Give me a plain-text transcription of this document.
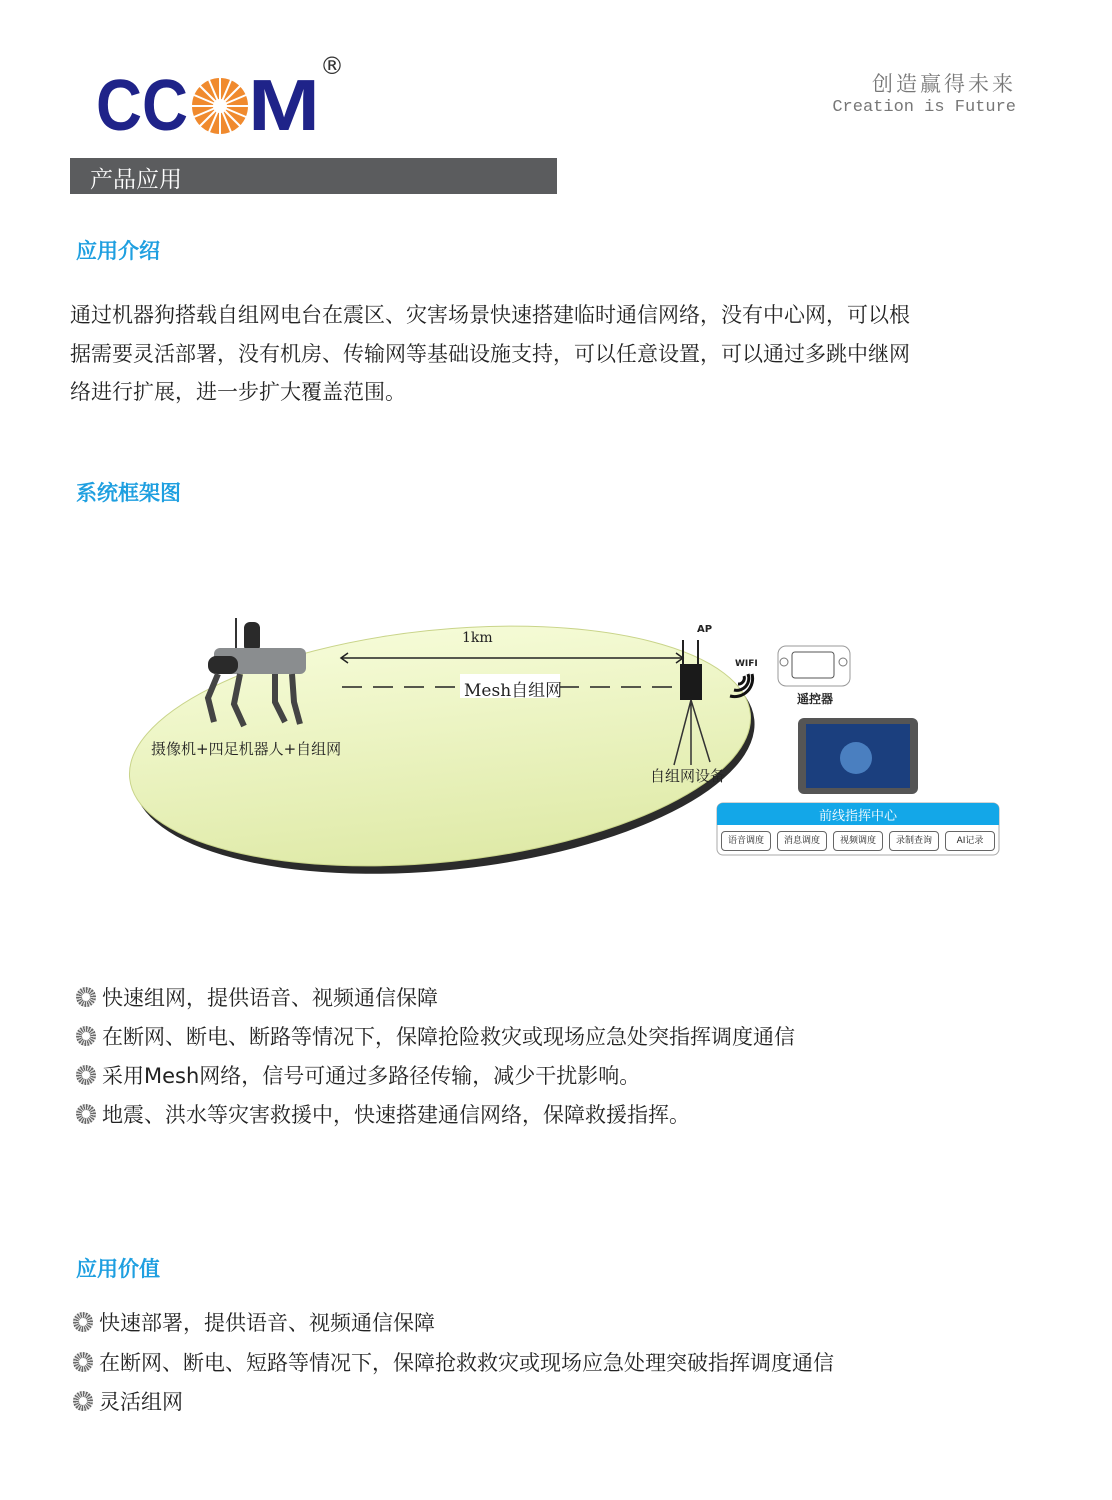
CC M ®
创造赢得未来
Creation is Future
产品应用
应用介绍
通过机器狗搭载自组网电台在震区、灾害场景快速搭建临时通信网络，没有中心网，可以根
据需要灵活部署，没有机房、传输网等基础设施支持，可以任意设置，可以通过多跳中继网
络进行扩展，进一步扩大覆盖范围。
系统框架图
1km
Mesh自组网
摄像机+四足机器人+自组网
自组网设备
AP
WIFI
遥控器
前线指挥中心
语音调度	消息调度	视频调度	录制查询	AI记录
快速组网，提供语音、视频通信保障
在断网、断电、断路等情况下，保障抢险救灾或现场应急处突指挥调度通信
采用Mesh网络，信号可通过多路径传输，减少干扰影响。
地震、洪水等灾害救援中，快速搭建通信网络，保障救援指挥。
应用价值
快速部署，提供语音、视频通信保障
在断网、断电、短路等情况下，保障抢救救灾或现场应急处理突破指挥调度通信
灵活组网
